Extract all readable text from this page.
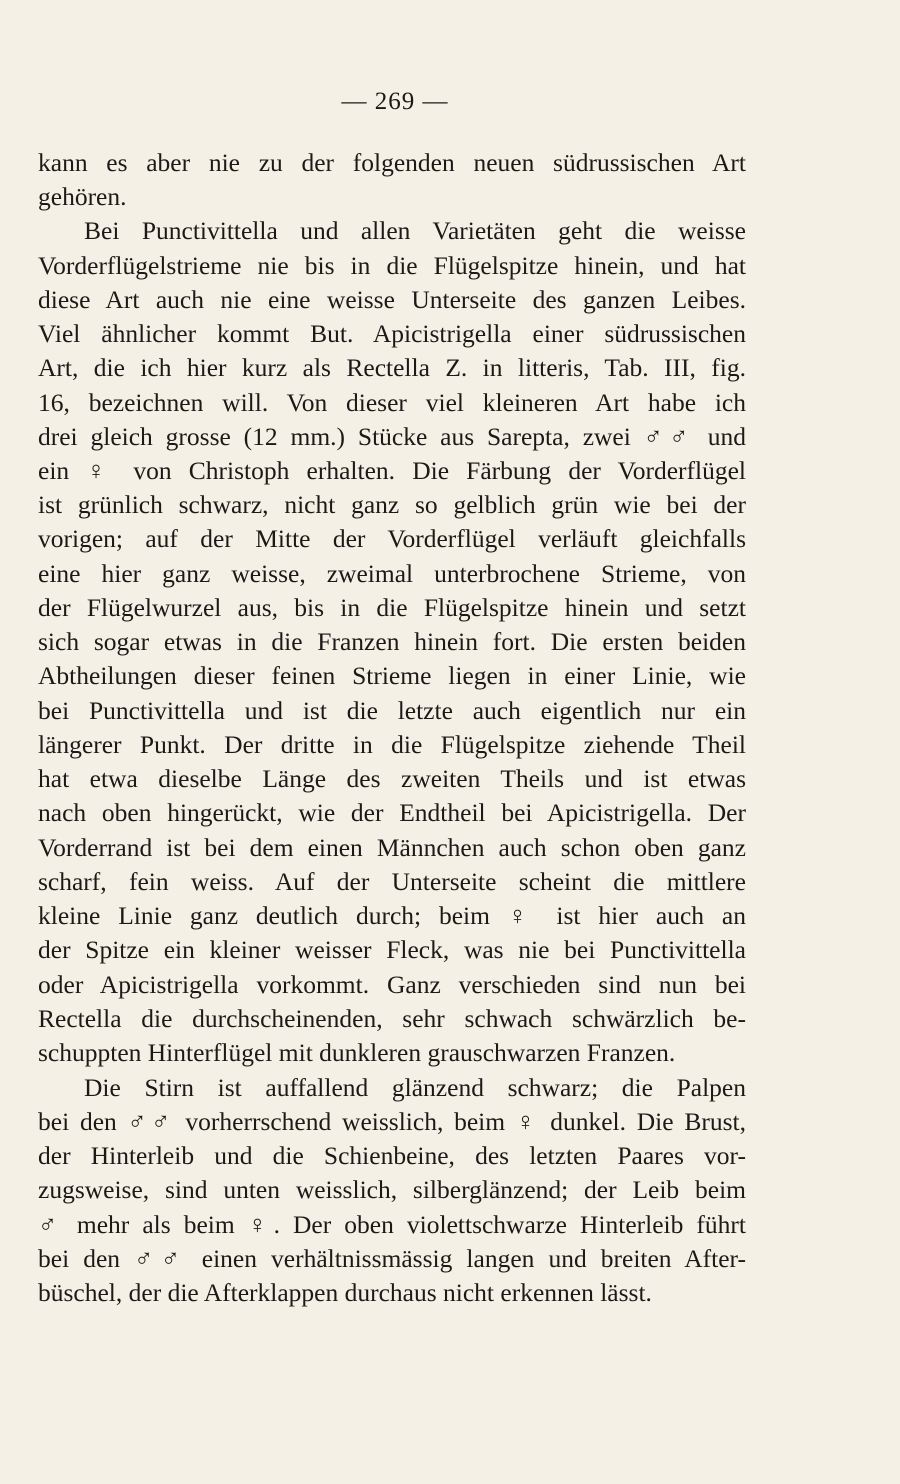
— 269 —
kann es aber nie zu der folgenden neuen südrussischen Art
gehören.
Bei Punctivittella und allen Varietäten geht die weisse
Vorderflügelstrieme nie bis in die Flügelspitze hinein, und hat
diese Art auch nie eine weisse Unterseite des ganzen Leibes.
Viel ähnlicher kommt But. Apicistrigella einer südrussischen
Art, die ich hier kurz als Rectella Z. in litteris, Tab. III, fig.
16, bezeichnen will. Von dieser viel kleineren Art habe ich
drei gleich grosse (12 mm.) Stücke aus Sarepta, zwei ♂♂ und
ein ♀ von Christoph erhalten. Die Färbung der Vorderflügel
ist grünlich schwarz, nicht ganz so gelblich grün wie bei der
vorigen; auf der Mitte der Vorderflügel verläuft gleichfalls
eine hier ganz weisse, zweimal unterbrochene Strieme, von
der Flügelwurzel aus, bis in die Flügelspitze hinein und setzt
sich sogar etwas in die Franzen hinein fort. Die ersten beiden
Abtheilungen dieser feinen Strieme liegen in einer Linie, wie
bei Punctivittella und ist die letzte auch eigentlich nur ein
längerer Punkt. Der dritte in die Flügelspitze ziehende Theil
hat etwa dieselbe Länge des zweiten Theils und ist etwas
nach oben hingerückt, wie der Endtheil bei Apicistrigella. Der
Vorderrand ist bei dem einen Männchen auch schon oben ganz
scharf, fein weiss. Auf der Unterseite scheint die mittlere
kleine Linie ganz deutlich durch; beim ♀ ist hier auch an
der Spitze ein kleiner weisser Fleck, was nie bei Punctivittella
oder Apicistrigella vorkommt. Ganz verschieden sind nun bei
Rectella die durchscheinenden, sehr schwach schwärzlich be-
schuppten Hinterflügel mit dunkleren grauschwarzen Franzen.
Die Stirn ist auffallend glänzend schwarz; die Palpen
bei den ♂♂ vorherrschend weisslich, beim ♀ dunkel. Die Brust,
der Hinterleib und die Schienbeine, des letzten Paares vor-
zugsweise, sind unten weisslich, silberglänzend; der Leib beim
♂ mehr als beim ♀. Der oben violettschwarze Hinterleib führt
bei den ♂♂ einen verhältnissmässig langen und breiten After-
büschel, der die Afterklappen durchaus nicht erkennen lässt.
